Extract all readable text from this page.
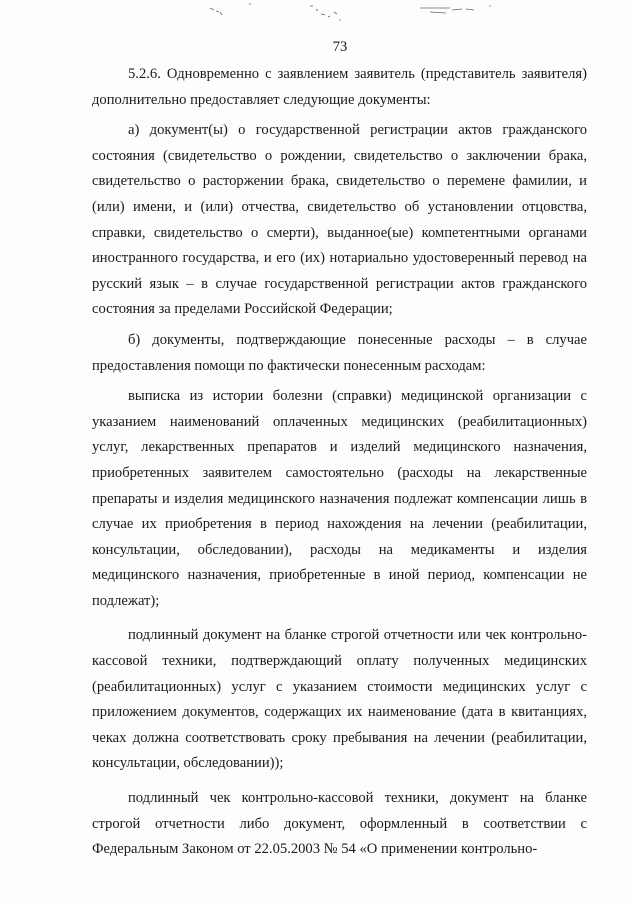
73

5.2.6. Одновременно с заявлением заявитель (представитель заявителя) дополнительно предоставляет следующие документы:

а) документ(ы) о государственной регистрации актов гражданского состояния (свидетельство о рождении, свидетельство о заключении брака, свидетельство о расторжении брака, свидетельство о перемене фамилии, и (или) имени, и (или) отчества, свидетельство об установлении отцовства, справки, свидетельство о смерти), выданное(ые) компетентными органами иностранного государства, и его (их) нотариально удостоверенный перевод на русский язык – в случае государственной регистрации актов гражданского состояния за пределами Российской Федерации;

б) документы, подтверждающие понесенные расходы – в случае предоставления помощи по фактически понесенным расходам:

выписка из истории болезни (справки) медицинской организации с указанием наименований оплаченных медицинских (реабилитационных) услуг, лекарственных препаратов и изделий медицинского назначения, приобретенных заявителем самостоятельно (расходы на лекарственные препараты и изделия медицинского назначения подлежат компенсации лишь в случае их приобретения в период нахождения на лечении (реабилитации, консультации, обследовании), расходы на медикаменты и изделия медицинского назначения, приобретенные в иной период, компенсации не подлежат);

подлинный документ на бланке строгой отчетности или чек контрольно-кассовой техники, подтверждающий оплату полученных медицинских (реабилитационных) услуг с указанием стоимости медицинских услуг с приложением документов, содержащих их наименование (дата в квитанциях, чеках должна соответствовать сроку пребывания на лечении (реабилитации, консультации, обследовании));

подлинный чек контрольно-кассовой техники, документ на бланке строгой отчетности либо документ, оформленный в соответствии с Федеральным Законом от 22.05.2003 № 54 «О применении контрольно-
